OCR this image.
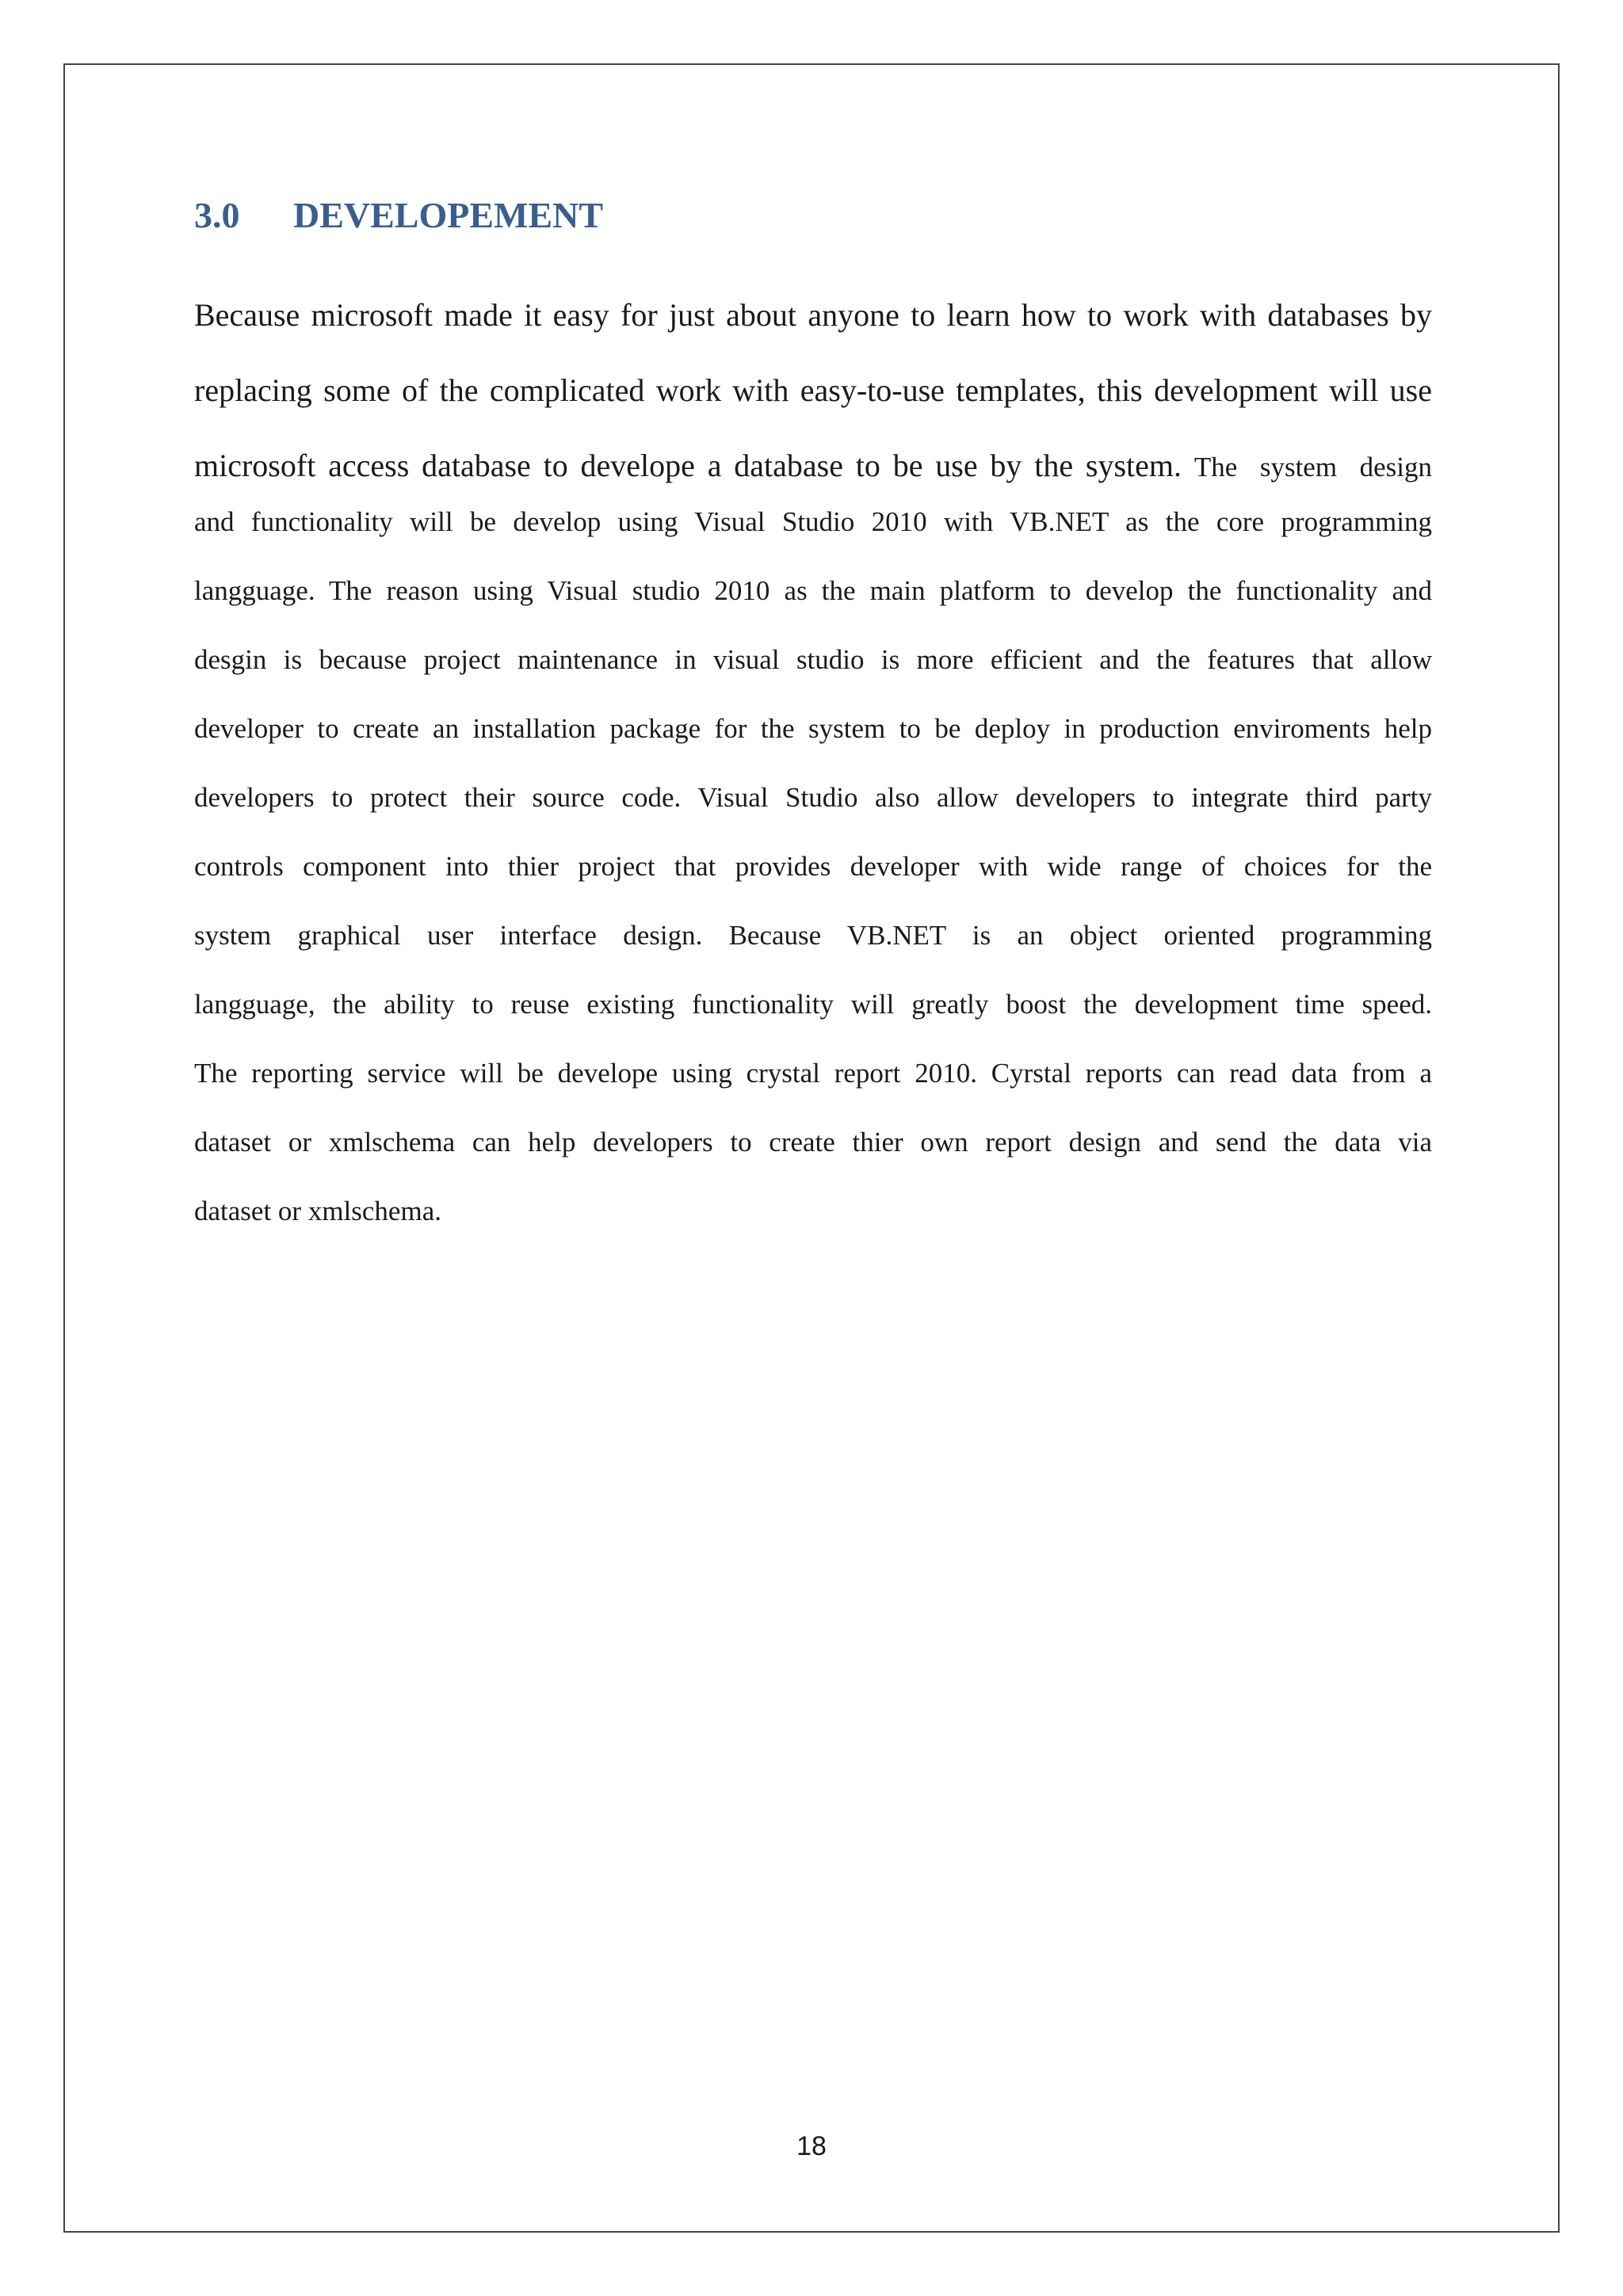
3.0 DEVELOPEMENT
Because microsoft made it easy for just about anyone to learn how to work with databases by
replacing some of the complicated work with easy-to-use templates, this development will use
microsoft access database to develope a database to be use by the system. The system design
and functionality will be develop using Visual Studio 2010 with VB.NET as the core programming
langguage. The reason using Visual studio 2010 as the main platform to develop the functionality and
desgin is because project maintenance in visual studio is more efficient and the features that allow
developer to create an installation package for the system to be deploy in production enviroments help
developers to protect their source code. Visual Studio also allow developers to integrate third party
controls component into thier project that provides developer with wide range of choices for the
system graphical user interface design. Because VB.NET is an object oriented programming
langguage, the ability to reuse existing functionality will greatly boost the development time speed.
The reporting service will be develope using crystal report 2010. Cyrstal reports can read data from a
dataset or xmlschema can help developers to create thier own report design and send the data via
dataset or xmlschema.
18
